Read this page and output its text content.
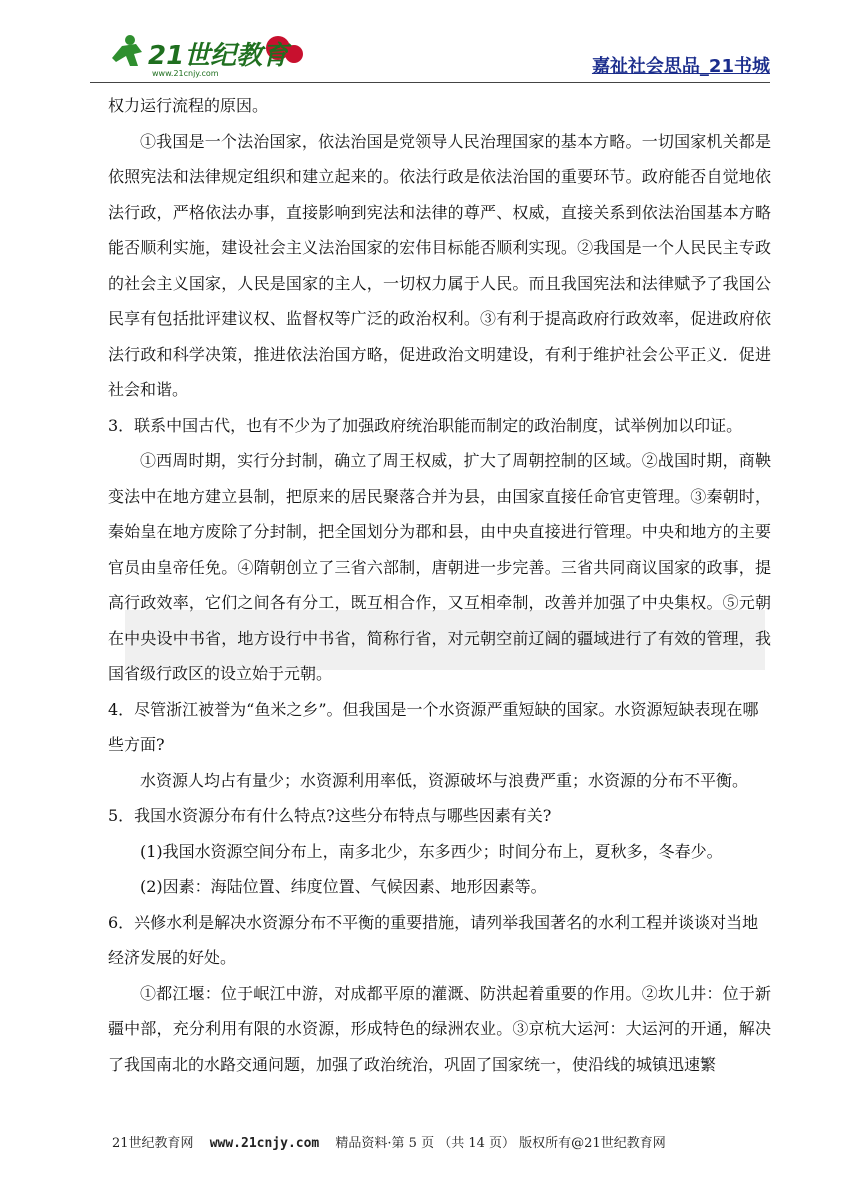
21世纪教育
www.21cnjy.com	嘉祉社会思品_21书城

权力运行流程的原因。

①我国是一个法治国家，依法治国是党领导人民治理国家的基本方略。一切国家机关都是依照宪法和法律规定组织和建立起来的。依法行政是依法治国的重要环节。政府能否自觉地依法行政，严格依法办事，直接影响到宪法和法律的尊严、权威，直接关系到依法治国基本方略能否顺利实施，建设社会主义法治国家的宏伟目标能否顺利实现。②我国是一个人民民主专政的社会主义国家，人民是国家的主人，一切权力属于人民。而且我国宪法和法律赋予了我国公民享有包括批评建议权、监督权等广泛的政治权利。③有利于提高政府行政效率，促进政府依法行政和科学决策，推进依法治国方略，促进政治文明建设，有利于维护社会公平正义．促进社会和谐。

3．联系中国古代，也有不少为了加强政府统治职能而制定的政治制度，试举例加以印证。

①西周时期，实行分封制，确立了周王权威，扩大了周朝控制的区域。②战国时期，商鞅变法中在地方建立县制，把原来的居民聚落合并为县，由国家直接任命官吏管理。③秦朝时，秦始皇在地方废除了分封制，把全国划分为郡和县，由中央直接进行管理。中央和地方的主要官员由皇帝任免。④隋朝创立了三省六部制，唐朝进一步完善。三省共同商议国家的政事，提高行政效率，它们之间各有分工，既互相合作，又互相牵制，改善并加强了中央集权。⑤元朝在中央设中书省，地方设行中书省，简称行省，对元朝空前辽阔的疆域进行了有效的管理，我国省级行政区的设立始于元朝。

4．尽管浙江被誉为“鱼米之乡”。但我国是一个水资源严重短缺的国家。水资源短缺表现在哪些方面?

水资源人均占有量少；水资源利用率低，资源破坏与浪费严重；水资源的分布不平衡。

5．我国水资源分布有什么特点?这些分布特点与哪些因素有关?

(1)我国水资源空间分布上，南多北少，东多西少；时间分布上，夏秋多，冬春少。

(2)因素：海陆位置、纬度位置、气候因素、地形因素等。

6．兴修水利是解决水资源分布不平衡的重要措施，请列举我国著名的水利工程并谈谈对当地经济发展的好处。

①都江堰：位于岷江中游，对成都平原的灌溉、防洪起着重要的作用。②坎儿井：位于新疆中部，充分利用有限的水资源，形成特色的绿洲农业。③京杭大运河：大运河的开通，解决了我国南北的水路交通问题，加强了政治统治，巩固了国家统一，使沿线的城镇迅速繁

21世纪教育网 www.21cnjy.com 精品资料·第 5 页 （共 14 页） 版权所有@21世纪教育网
